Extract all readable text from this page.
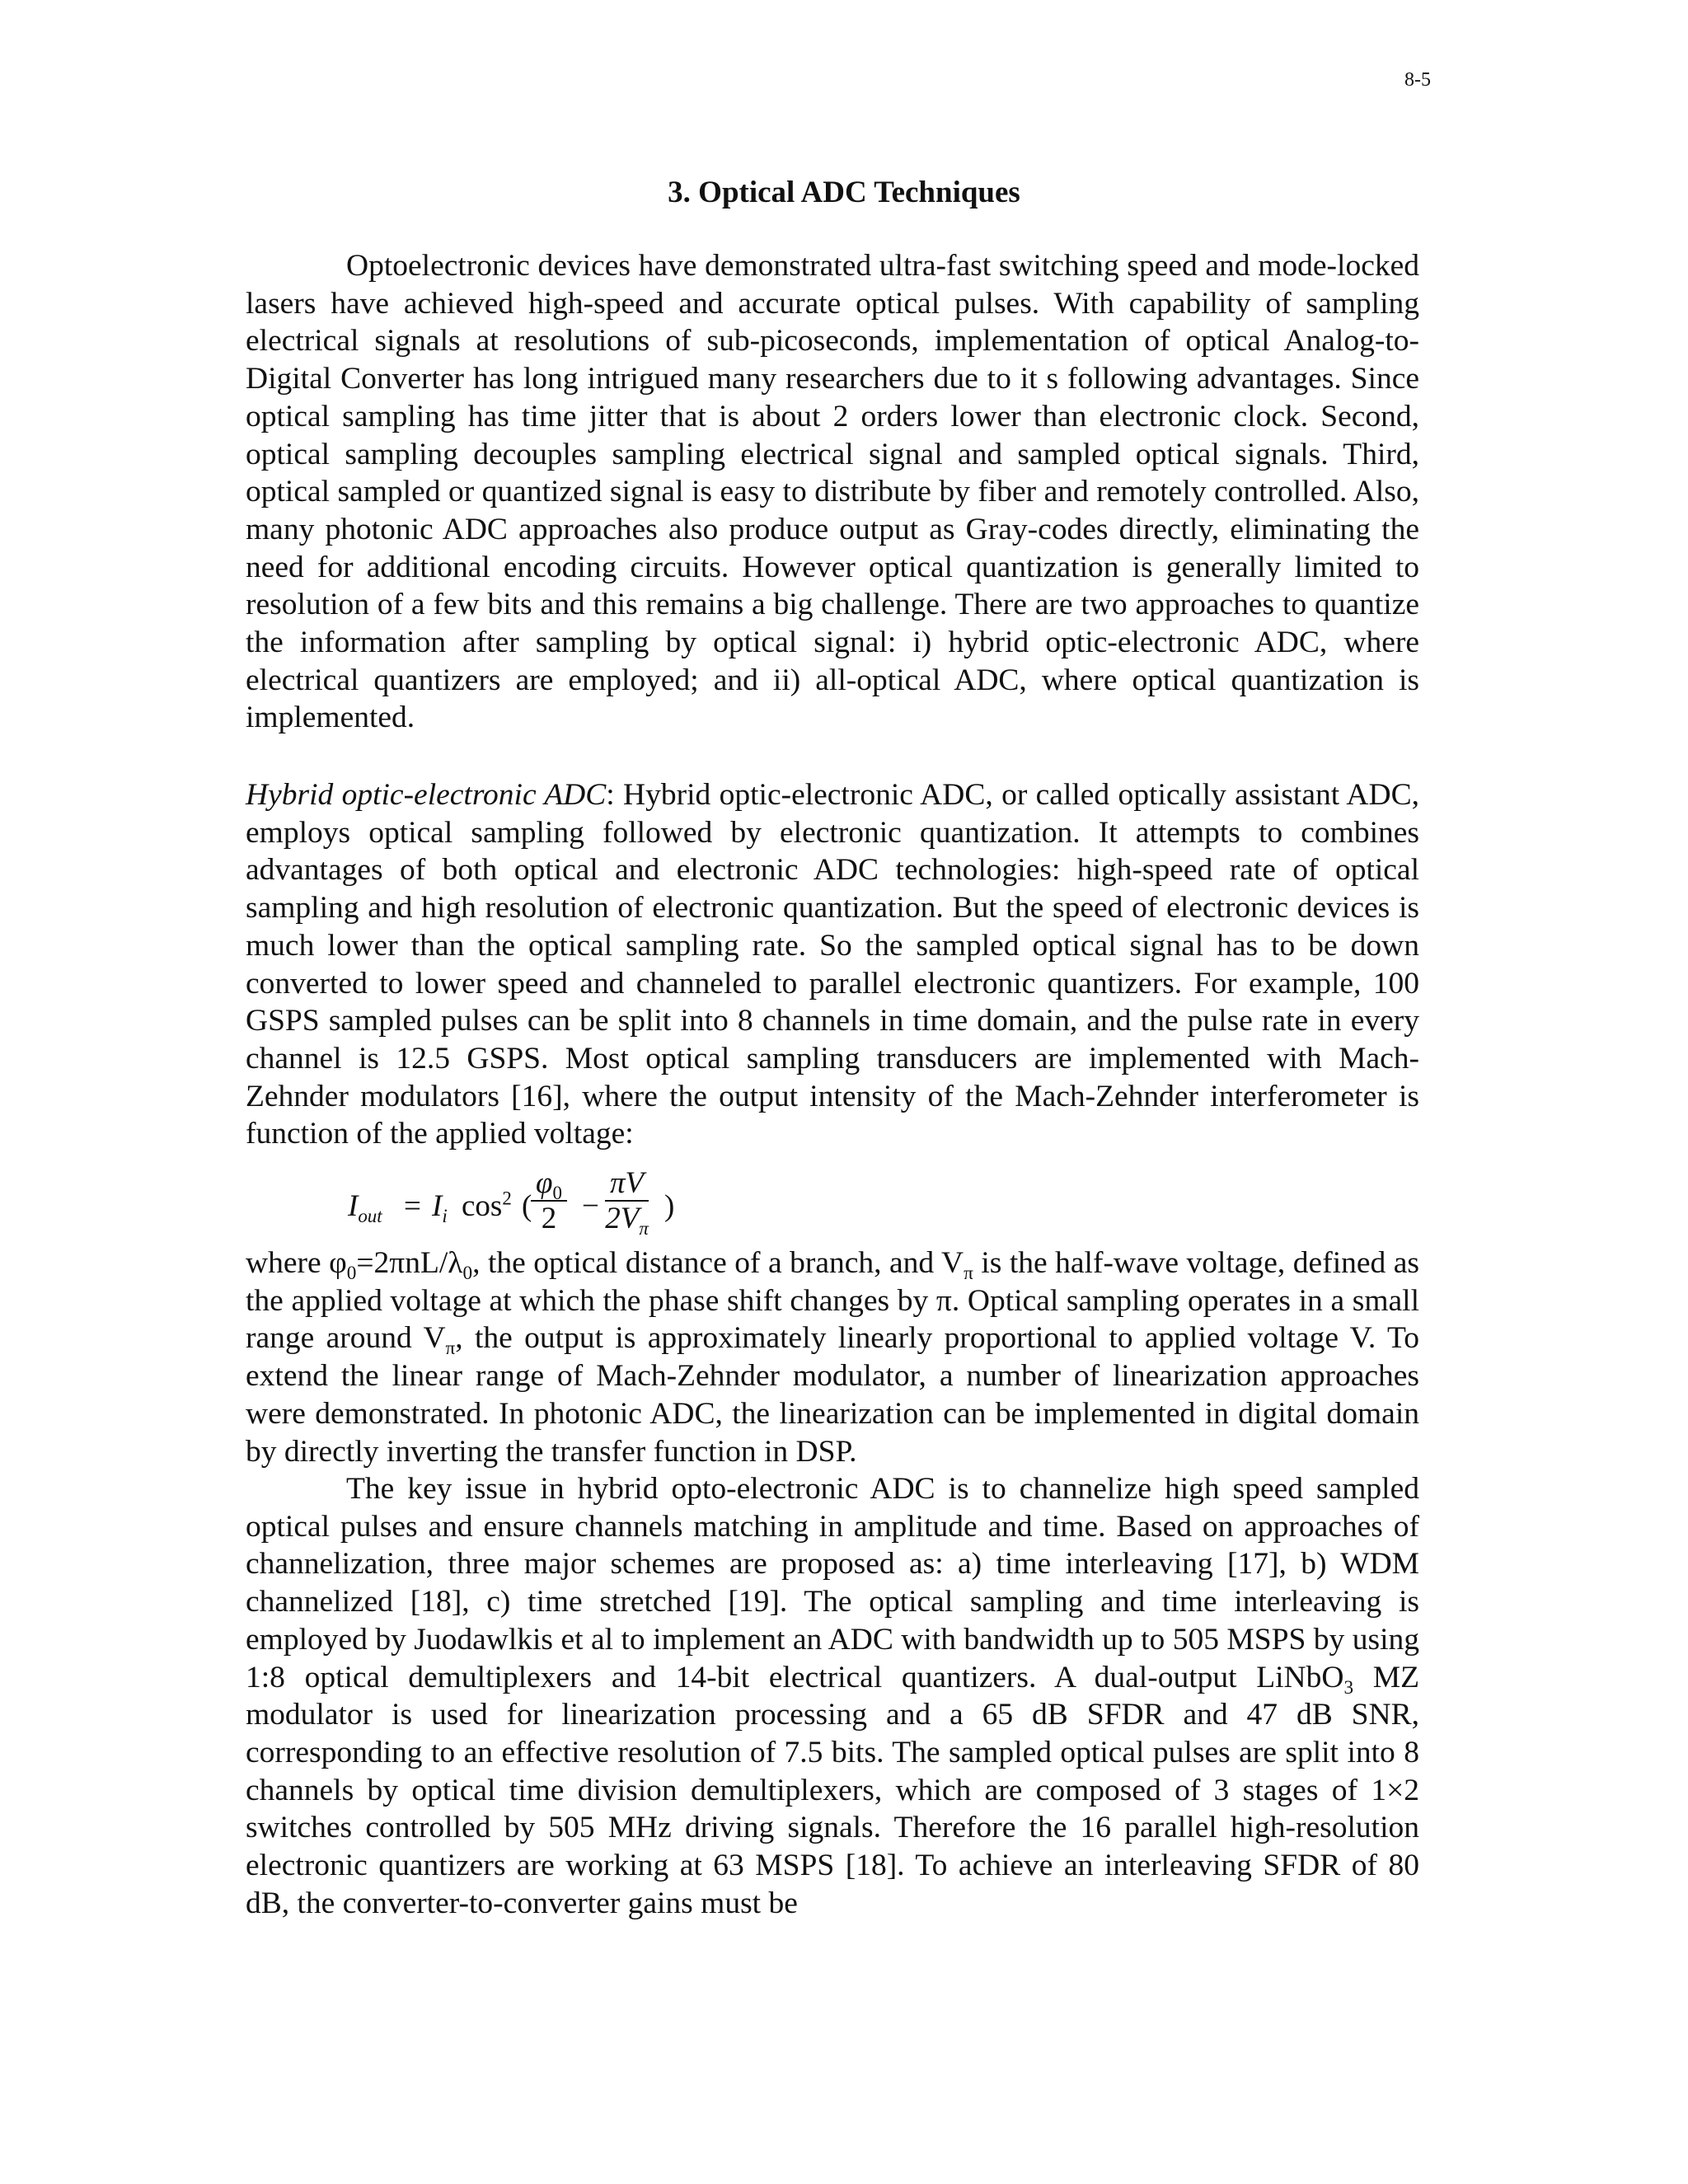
8-5
3. Optical ADC Techniques

Optoelectronic devices have demonstrated ultra-fast switching speed and mode-locked lasers have achieved high-speed and accurate optical pulses. With capability of sampling electrical signals at resolutions of sub-picoseconds, implementation of optical Analog-to-Digital Converter has long intrigued many researchers due to it s following advantages. Since optical sampling has time jitter that is about 2 orders lower than electronic clock. Second, optical sampling decouples sampling electrical signal and sampled optical signals. Third, optical sampled or quantized signal is easy to distribute by fiber and remotely controlled. Also, many photonic ADC approaches also produce output as Gray-codes directly, eliminating the need for additional encoding circuits. However optical quantization is generally limited to resolution of a few bits and this remains a big challenge. There are two approaches to quantize the information after sampling by optical signal: i) hybrid optic-electronic ADC, where electrical quantizers are employed; and ii) all-optical ADC, where optical quantization is implemented.

Hybrid optic-electronic ADC: Hybrid optic-electronic ADC, or called optically assistant ADC, employs optical sampling followed by electronic quantization. It attempts to combines advantages of both optical and electronic ADC technologies: high-speed rate of optical sampling and high resolution of electronic quantization. But the speed of electronic devices is much lower than the optical sampling rate. So the sampled optical signal has to be down converted to lower speed and channeled to parallel electronic quantizers. For example, 100 GSPS sampled pulses can be split into 8 channels in time domain, and the pulse rate in every channel is 12.5 GSPS. Most optical sampling transducers are implemented with Mach-Zehnder modulators [16], where the output intensity of the Mach-Zehnder interferometer is function of the applied voltage:

$I_{out} = I_i$ $\cos^2$ (
$\frac{\varphi_0}{2} - \frac{\pi V}{2V_\pi}$ )

where $\varphi_0=2\pi nL/\lambda_0$, the optical distance of a branch, and $V_\pi$ is the half-wave voltage, defined as the applied voltage at which the phase shift changes by π. Optical sampling operates in a small range around $V_\pi$, the output is approximately linearly proportional to applied voltage V. To extend the linear range of Mach-Zehnder modulator, a number of linearization approaches were demonstrated. In photonic ADC, the linearization can be implemented in digital domain by directly inverting the transfer function in DSP.

The key issue in hybrid opto-electronic ADC is to channelize high speed sampled optical pulses and ensure channels matching in amplitude and time. Based on approaches of channelization, three major schemes are proposed as: a) time interleaving [17], b) WDM channelized [18], c) time stretched [19]. The optical sampling and time interleaving is employed by Juodawlkis et al to implement an ADC with bandwidth up to 505 MSPS by using 1:8 optical demultiplexers and 14-bit electrical quantizers. A dual-output LiNbO$_3$ MZ modulator is used for linearization processing and a 65 dB SFDR and 47 dB SNR, corresponding to an effective resolution of 7.5 bits. The sampled optical pulses are split into 8 channels by optical time division demultiplexers, which are composed of 3 stages of 1×2 switches controlled by 505 MHz driving signals. Therefore the 16 parallel high-resolution electronic quantizers are working at 63 MSPS [18]. To achieve an interleaving SFDR of 80 dB, the converter-to-converter gains must be
